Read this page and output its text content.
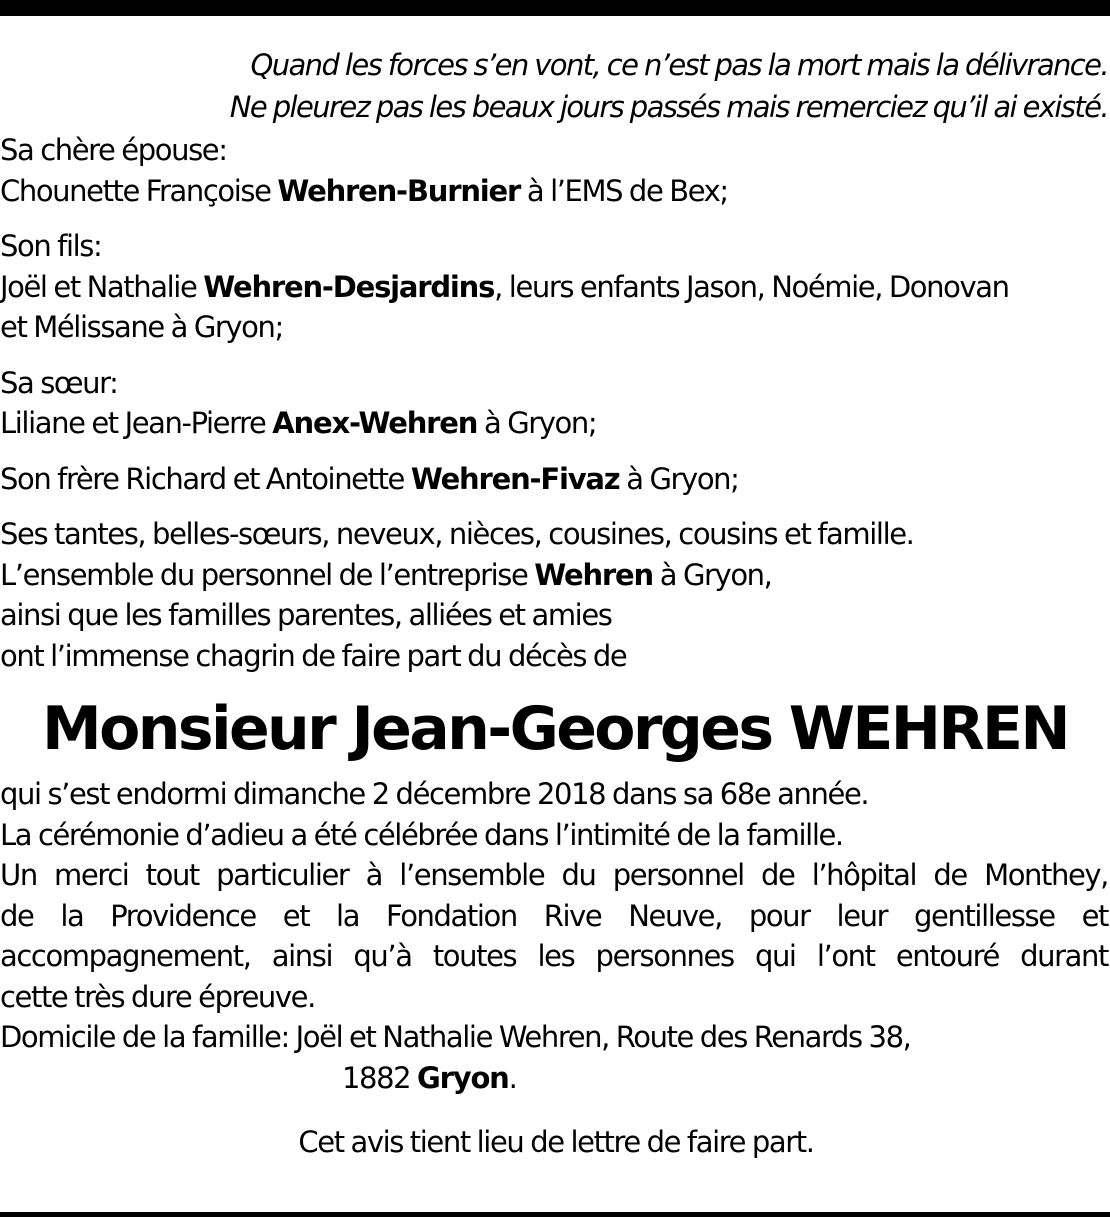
Quand les forces s’en vont, ce n’est pas la mort mais la délivrance.
Ne pleurez pas les beaux jours passés mais remerciez qu’il ai existé.
Sa chère épouse:
Chounette Françoise Wehren-Burnier à l’EMS de Bex;
Son fils:
Joël et Nathalie Wehren-Desjardins, leurs enfants Jason, Noémie, Donovan
et Mélissane à Gryon;
Sa sœur:
Liliane et Jean-Pierre Anex-Wehren à Gryon;
Son frère Richard et Antoinette Wehren-Fivaz à Gryon;
Ses tantes, belles-sœurs, neveux, nièces, cousines, cousins et famille.
L’ensemble du personnel de l’entreprise Wehren à Gryon,
ainsi que les familles parentes, alliées et amies
ont l’immense chagrin de faire part du décès de
Monsieur Jean-Georges WEHREN
qui s’est endormi dimanche 2 décembre 2018 dans sa 68e année.
La cérémonie d’adieu a été célébrée dans l’intimité de la famille.
Un merci tout particulier à l’ensemble du personnel de l’hôpital de Monthey,
de la Providence et la Fondation Rive Neuve, pour leur gentillesse et
accompagnement, ainsi qu’à toutes les personnes qui l’ont entouré durant
cette très dure épreuve.
Domicile de la famille: Joël et Nathalie Wehren, Route des Renards 38,
1882 Gryon.
Cet avis tient lieu de lettre de faire part.
